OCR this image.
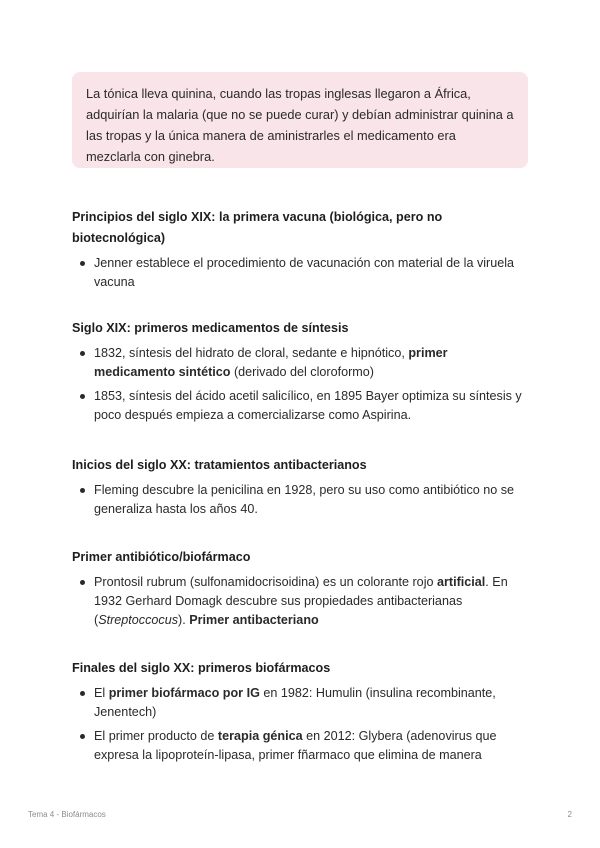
La tónica lleva quinina, cuando las tropas inglesas llegaron a África, adquirían la malaria (que no se puede curar) y debían administrar quinina a las tropas y la única manera de aministrarles el medicamento era mezclarla con ginebra.

Principios del siglo XIX: la primera vacuna (biológica, pero no biotecnológica)

Jenner establece el procedimiento de vacunación con material de la viruela vacuna

Siglo XIX: primeros medicamentos de síntesis

1832, síntesis del hidrato de cloral, sedante e hipnótico, primer medicamento sintético (derivado del cloroformo)
1853, síntesis del ácido acetil salicílico, en 1895 Bayer optimiza su síntesis y poco después empieza a comercializarse como Aspirina.

Inicios del siglo XX: tratamientos antibacterianos

Fleming descubre la penicilina en 1928, pero su uso como antibiótico no se generaliza hasta los años 40.

Primer antibiótico/biofármaco

Prontosil rubrum (sulfonamidocrisoidina) es un colorante rojo artificial. En 1932 Gerhard Domagk descubre sus propiedades antibacterianas (Streptoccocus). Primer antibacteriano

Finales del siglo XX: primeros biofármacos

El primer biofármaco por IG en 1982: Humulin (insulina recombinante, Jenentech)
El primer producto de terapia génica en 2012: Glybera (adenovirus que expresa la lipoproteín-lipasa, primer fñarmaco que elimina de manera
Tema 4 - Biofármacos	2
